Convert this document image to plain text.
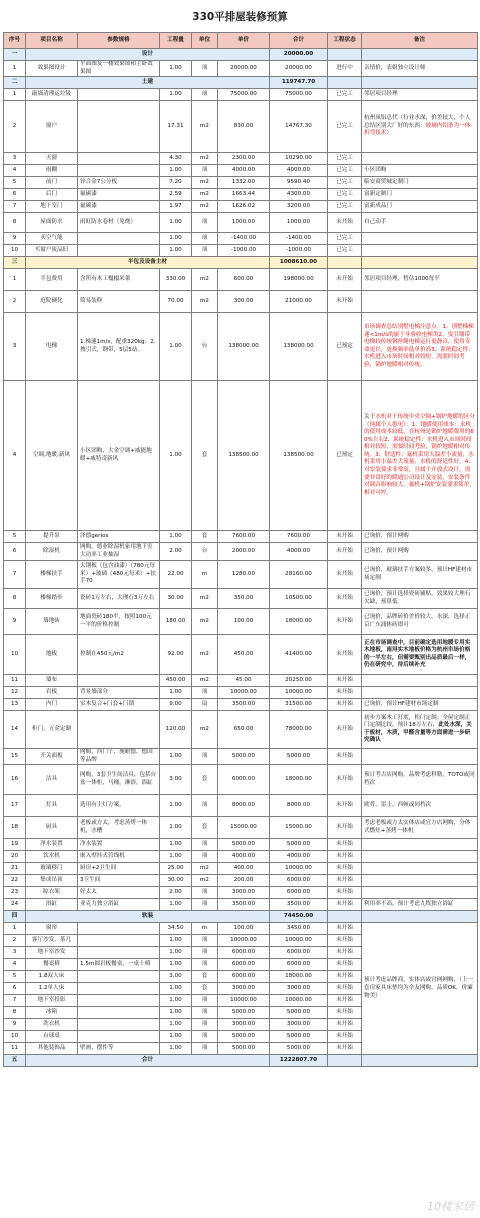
330平排屋装修预算
序号	项目名称	参数规格	工程量	单位	单价	合计	工程状态	备注
一	设计					20000.00		
1	效果图设计	平面图及一楼效果图和主卧效果图	1.00	项	20000.00	20000.00	进行中	亲情价，表姐独立设计师
二	土建					119747.70		
1	敲墙清理运垃圾		1.00	项	75000.00	75000.00	已完工	邻居项目经理
2	窗户		17.31	m2	830.00	14767.30	已完工	杭州凤铝总代（行业水深，价差较大，个人总结区别大厂好的东西：玻璃内铝条为一体折弯技术）
3	天窗		4.30	m2	2300.00	10290.00	已完工	
4	雨棚		1.00	项	4000.00	4000.00	已完工	小区团购
5	前门	锌合金7公分板	7.20	m2	1332.00	9590.40	已完工	临安商贸城定制门
6	后门	氟碳漆	2.59	m2	1663.44	4300.00	已完工	富新定制门
7	地下室门	氟碳漆	1.97	m2	1626.02	3200.00	已完工	富新成品门
8	屋面防水	雨虹防水卷材（免烧）	1.00	项	1000.00	1000.00	未开始	自己动手
9	卖空气能		1.00	项	-1400.00	-1400.00	已完工	
10	买窗户废品旧		1.00	项	-1000.00	-1000.00	已完工	
三	半包及设备主材					1008610.00		
1	半包费用	含所有木工榻榻米架	330.00	m2	600.00	198000.00	未开始	邻居项目经理，暂估1000每平
2	庭院硬化	简易装修	70.00	m2	300.00	21000.00	未开始	
3	电梯	1.梯速1m/s，配重320kg；2.拽引式，钢带，5层5站。	1.00	台	138000.00	138000.00	已预定	市场调查总结别墅电梯注意点：1、别墅梯梯速<1m/s的属于非验收电梯类2、曳引钢带电梯较传统钢丝绳电梯运行更静音，使用寿命更长，更换频率低单价高3、系统稳定性：水机进入市场时间相对较短，需要时间考验，锅炉地暖相对传统。
4	空调,地暖,新风	小区团购，大金空调+威能地暖+威特奇新风	1.00	套	138500.00	138500.00	已预定	关于水机对于传统中央空调+锅炉地暖的区分（纯属个人愚见）：1、地暖使用成本：水机的使用成本较低，在杭州是锅炉地暖费用的60%左右2、系统稳定性：水机进入市场时间相对较短，需要时间考验，锅炉地暖相对传统。3、舒适性：氟机采用大温差小流量，水机采用小温差大流量，水机的舒适性好。4、对安装要求非常高，且属于开放式设计，需要非常好的暖通公司设计及安装，安装条件对调音影响较大，氟机+锅炉安装要求简单，相对可控。
5	提升泵	泽德gerios	1.00	套	7600.00	7600.00	未开始	已询价，预计网购
6	除湿机	网购，德业除湿机家用地下室大功率工业抽湿	2.00	台	2000.00	4000.00	未开始	已询价，预计网购
7	楼梯扶手	大钢板（包含油漆）（780元每米）+玻璃（480元每米）+扶手70	22.00	m	1280.00	28160.00	未开始	已询价，玻璃扶手方案较多，预计HF建材市场定制
8	楼梯踏步	瓷砖1万左右，大理石3万左右	30.00	m2	350.00	10500.00	未开始	已询价，预计选择瓷砖铺贴，效果较大理石欠缺，预算低
9	墙地砖	地面瓷砖180平，按照100元一平的价格控制	180.00	m2	100.00	18000.00	未开始	已询价，品牌砖价差价较大，水深，选择正京广东涌体砖即可
10	地板	控制在450元/m2	92.00	m2	450.00	41400.00	未开始	正在市场调查中，目前确定选用地暖专用实木地板，南浔实木地板价格为杭州市场价格的一半左右，但需要甄别出品质最后一样，仍在研究中，待后续补充
11	墙布		450.00	m2	45.00	20250.00	未开始	
12	岩板	背景墙部分	1.00	项	10000.00	10000.00	未开始	
13	内门	实木复合+门套+门锁	9.00	扇	3500.00	31500.00	未开始	已询价，预计HF建材市场定制
14	柜门，五金定制		120.00	m2	650.00	78000.00	未开始	初步方案木工打底，柜门定制；全屋定制正门定制比较，预计18万左右，此处水深，关于板材，木质，甲醛含量等方面需进一步研究确认
15	开关面板	网购，西门子，施耐德，德国等品牌	1.00	项	5000.00	5000.00	未开始	
16	洁具	网购，3套卫生间洁具，包括台盆一体柜，马桶，淋浴，浴缸	3.00	套	6000.00	18000.00	未开始	预计考古店网购，品牌考虑科勒，TOTO或同档次
17	灯具	选用有主灯方案，	1.00	项	8000.00	8000.00	未开始	欧普、雷士、西顿或同档次
18	厨具	老板或方太，考虑蒸烤一体机，水槽	1.00	套	15000.00	15000.00	未开始	考虑老板或方太实体店或官方店网购，分体式燃灶+蒸烤一体机
19	净水装置	净水装置	1.00	项	5000.00	5000.00	未开始	
20	饮水机	嵌入壁挂式管线机	1.00	项	4000.00	4000.00	未开始	
21	玻璃移门	厨房+2卫生间	25.00	m2	400.00	10000.00	未开始	
22	集成吊顶	3卫生间	30.00	m2	200.00	6000.00	未开始	
23	晾衣架	好太太	2.00	项	3000.00	6000.00	未开始	
24	浴缸	亚克力独立浴缸	1.00	项	3500.00	3500.00	未开始	利用率不高，预计考虑九牧独立浴缸
四	软装					74450.00		
1	窗帘		34.50	m	100.00	3450.00	未开始	预计考虑品牌商，实体店或官网网购，（上一套房家具床垫均为全友网购，品质OK，价廉物美）
2	客厅沙发，茶几		1.00	项	10000.00	10000.00	未开始	
3	地下室沙发		1.00	项	6000.00	6000.00	未开始	
4	餐桌椅	1.5m圆岩板餐桌，一桌十椅	1.00	项	6000.00	6000.00	未开始	
5	1.8双人床		3.00	套	6000.00	18000.00	未开始	
6	1.2单人床		1.00	套	3000.00	3000.00	未开始	
7	地下室投影		1.00	项	10000.00	10000.00	未开始	
8	冰箱		1.00	项	5000.00	5000.00	未开始	
9	洗衣机		1.00	项	3000.00	3000.00	未开始	
10	台球桌		1.00	项	5000.00	5000.00	未开始	
11	其他装饰品	壁画，摆件等	1.00	项	5000.00	5000.00	未开始	
五	合计					1222807.70		
10楼家居
